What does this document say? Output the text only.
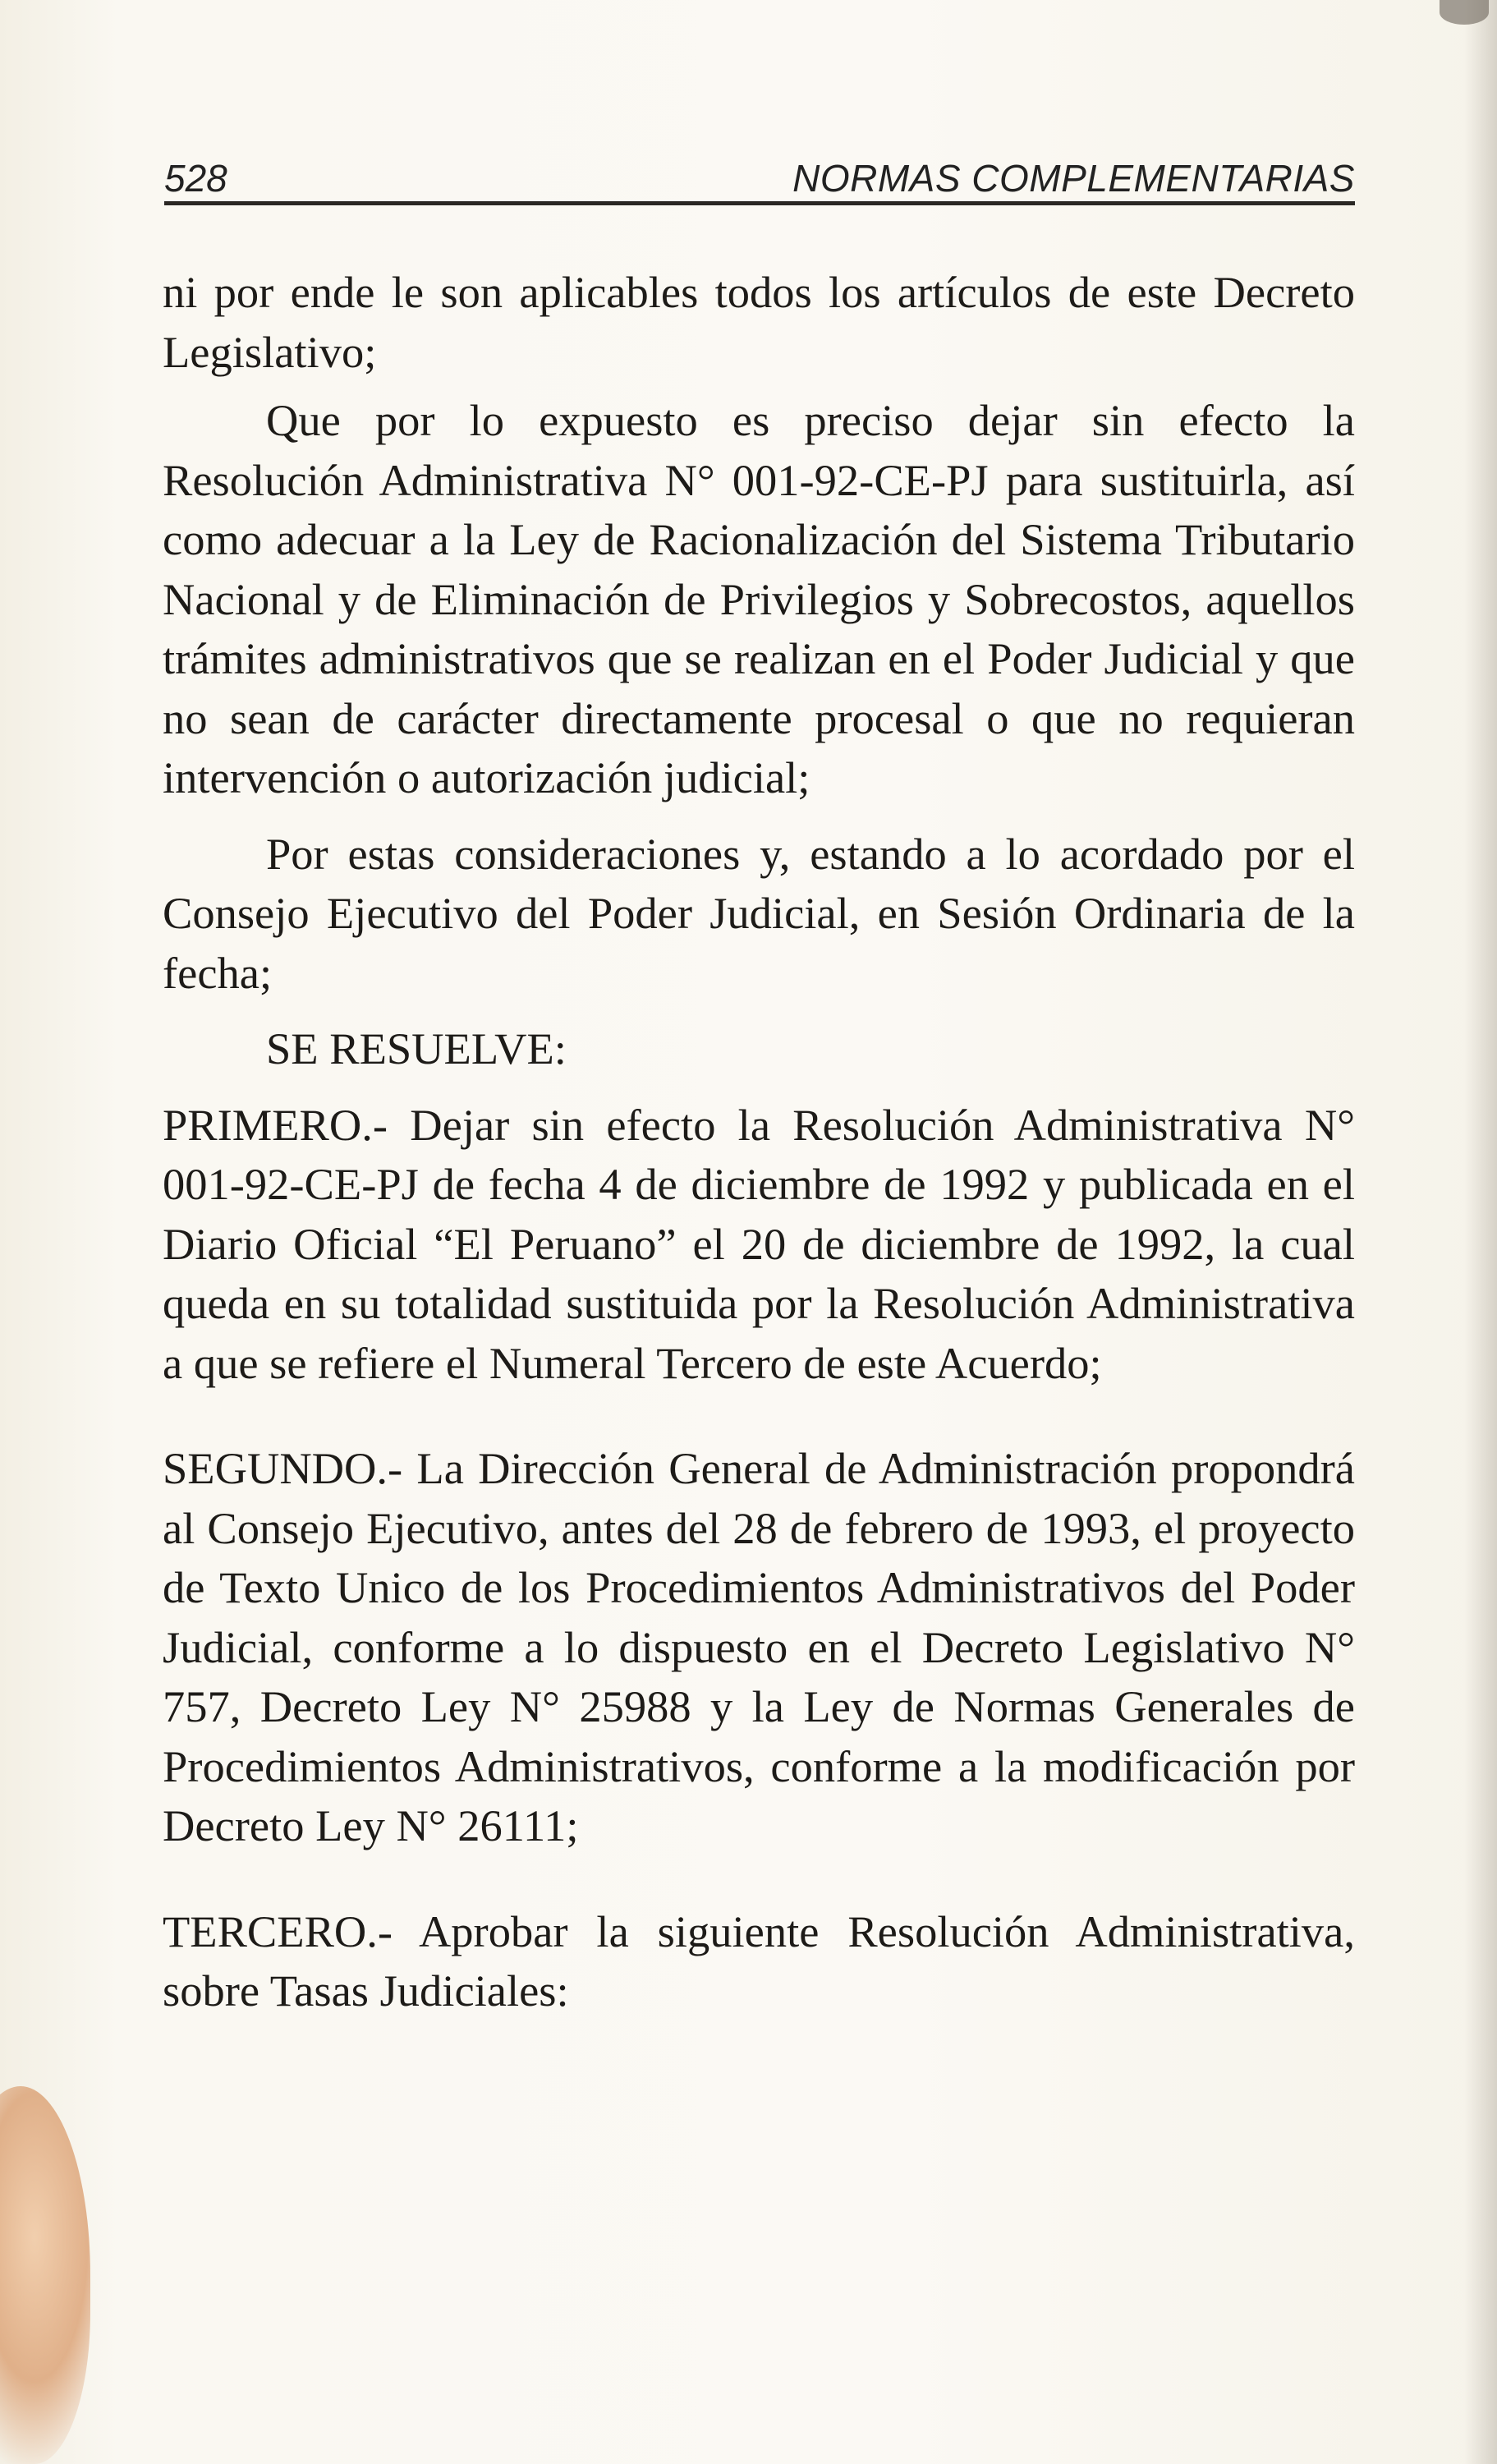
528	NORMAS COMPLEMENTARIAS

ni por ende le son aplicables todos los artículos de este Decreto Legislativo;

Que por lo expuesto es preciso dejar sin efecto la Resolución Administrativa N° 001-92-CE-PJ para sustituirla, así como adecuar a la Ley de Racionalización del Sistema Tributario Nacional y de Eliminación de Privilegios y Sobrecostos, aquellos trámites administrativos que se realizan en el Poder Judicial y que no sean de carácter directamente procesal o que no requieran intervención o autorización judicial;

Por estas consideraciones y, estando a lo acordado por el Consejo Ejecutivo del Poder Judicial, en Sesión Ordinaria de la fecha;

SE RESUELVE:

PRIMERO.- Dejar sin efecto la Resolución Administrativa N° 001-92-CE-PJ de fecha 4 de diciembre de 1992 y publicada en el Diario Oficial “El Peruano” el 20 de diciembre de 1992, la cual queda en su totalidad sustituida por la Resolución Administrativa a que se refiere el Numeral Tercero de este Acuerdo;

SEGUNDO.- La Dirección General de Administración propondrá al Consejo Ejecutivo, antes del 28 de febrero de 1993, el proyecto de Texto Unico de los Procedimientos Administrativos del Poder Judicial, conforme a lo dispuesto en el Decreto Legislativo N° 757, Decreto Ley N° 25988 y la Ley de Normas Generales de Procedimientos Administrativos, conforme a la modificación por Decreto Ley N° 26111;

TERCERO.- Aprobar la siguiente Resolución Administrativa, sobre Tasas Judiciales:
